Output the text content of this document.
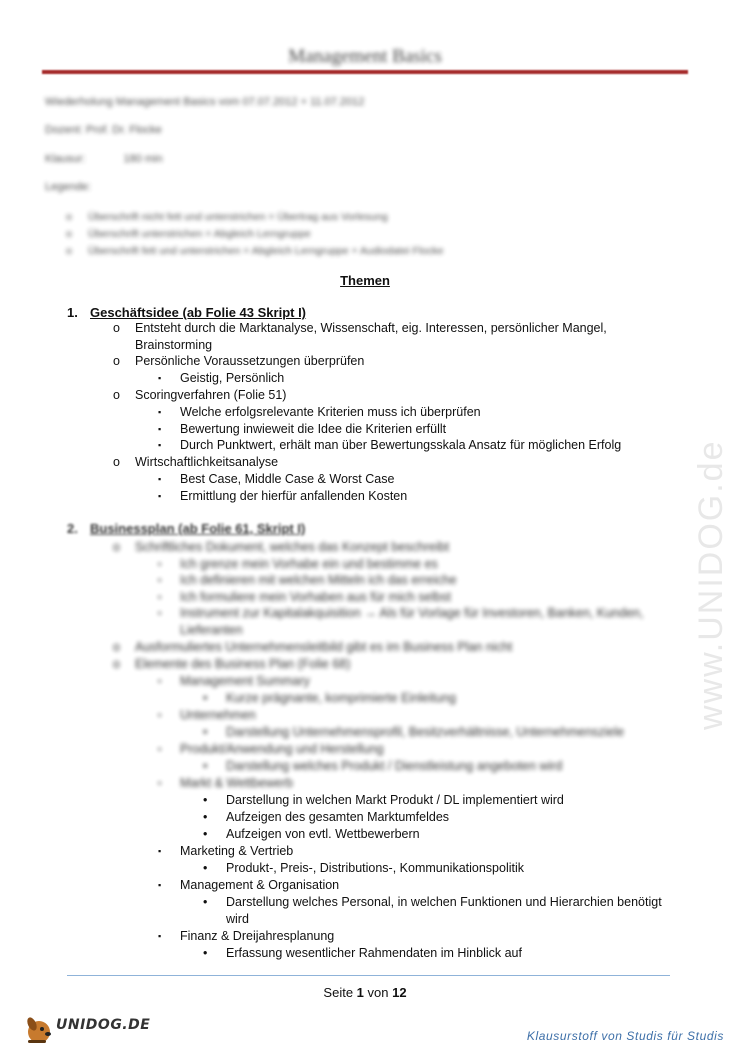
Management Basics
Wiederholung Management Basics vom 07.07.2012 + 11.07.2012
Dozent: Prof. Dr. Flocke
Klausur:	180 min
Legende:
o Überschrift nicht fett und unterstrichen = Übertrag aus Vorlesung
o Überschrift unterstrichen = Abgleich Lerngruppe
o Überschrift fett und unterstrichen = Abgleich Lerngruppe + Audiodatei Flocke
Themen
1. Geschäftsidee (ab Folie 43 Skript I)
o	Entsteht durch die Marktanalyse, Wissenschaft, eig. Interessen, persönlicher Mangel, Brainstorming
o	Persönliche Voraussetzungen überprüfen
▪	Geistig, Persönlich
o	Scoringverfahren (Folie 51)
▪	Welche erfolgsrelevante Kriterien muss ich überprüfen
▪	Bewertung inwieweit die Idee die Kriterien erfüllt
▪	Durch Punktwert, erhält man über Bewertungsskala Ansatz für möglichen Erfolg
o	Wirtschaftlichkeitsanalyse
▪	Best Case, Middle Case & Worst Case
▪	Ermittlung der hierfür anfallenden Kosten
2. Businessplan (ab Folie 61, Skript I)
o	Schriftliches Dokument, welches das Konzept beschreibt
▪	Ich grenze mein Vorhabe ein und bestimme es
▪	Ich definieren mit welchen Mitteln ich das erreiche
▪	Ich formuliere mein Vorhaben aus für mich selbst
▪	Instrument zur Kapitalakquisition → Als für Vorlage für Investoren, Banken, Kunden, Lieferanten
o	Ausformuliertes Unternehmensleitbild gibt es im Business Plan nicht
o	Elemente des Business Plan (Folie 68)
▪	Management Summary
•	Kurze prägnante, komprimierte Einleitung
▪	Unternehmen
•	Darstellung Unternehmensprofil, Besitzverhältnisse, Unternehmensziele
▪	Produkt/Anwendung und Herstellung
•	Darstellung welches Produkt / Dienstleistung angeboten wird
▪	Markt & Wettbewerb
•	Darstellung in welchen Markt Produkt / DL implementiert wird
•	Aufzeigen des gesamten Marktumfeldes
•	Aufzeigen von evtl. Wettbewerbern
▪	Marketing & Vertrieb
•	Produkt-, Preis-, Distributions-, Kommunikationspolitik
▪	Management & Organisation
•	Darstellung welches Personal, in welchen Funktionen und Hierarchien benötigt wird
▪	Finanz & Dreijahresplanung
•	Erfassung wesentlicher Rahmendaten im Hinblick auf
www.UNIDOG.de
Seite 1 von 12
UNIDOG.DE
Klausurstoff von Studis für Studis
